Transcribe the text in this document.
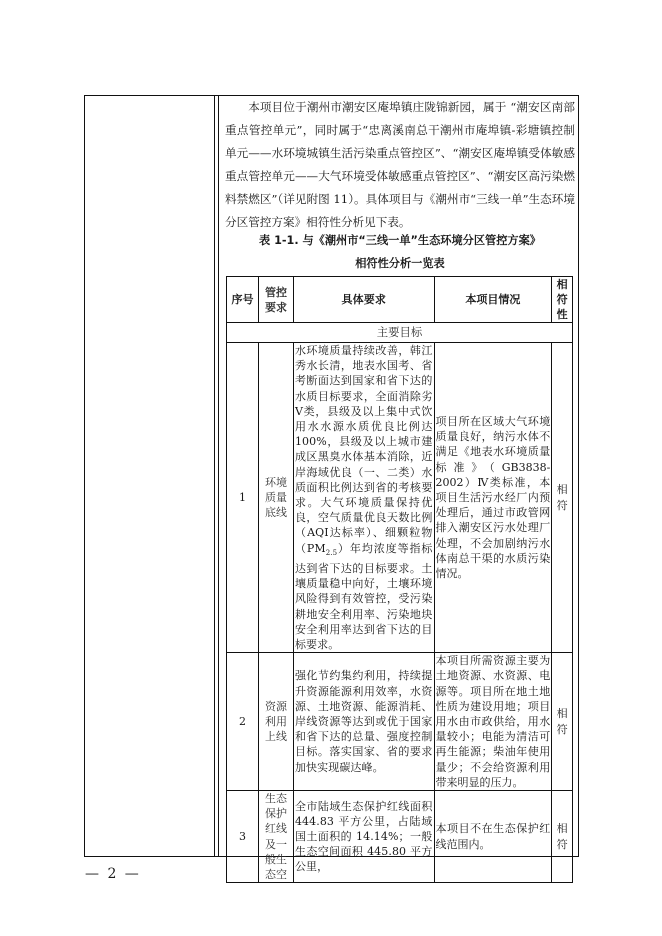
本项目位于潮州市潮安区庵埠镇庄陇锦新园，属于 “潮安区南部重点管控单元”，同时属于“忠离溪南总干潮州市庵埠镇-彩塘镇控制单元——水环境城镇生活污染重点管控区”、“潮安区庵埠镇受体敏感重点管控单元——大气环境受体敏感重点管控区”、“潮安区高污染燃料禁燃区”（详见附图 11）。具体项目与《潮州市“三线一单”生态环境分区管控方案》相符性分析见下表。

表 1-1. 与《潮州市“三线一单”生态环境分区管控方案》
相符性分析一览表
序号	管控要求	具体要求	本项目情况	相符性
主要目标				
1	环境质量底线	水环境质量持续改善，韩江秀水长清，地表水国考、省考断面达到国家和省下达的水质目标要求，全面消除劣Ⅴ类，县级及以上集中式饮用水水源水质优良比例达100%，县级及以上城市建成区黑臭水体基本消除，近岸海域优良（一、二类）水质面积比例达到省的考核要求。大气环境质量保持优良，空气质量优良天数比例（AQI达标率）、细颗粒物$(PM_{2.5})$年均浓度等指标达到省下达的目标要求。土壤质量稳中向好，土壤环境风险得到有效管控，受污染耕地安全利用率、污染地块安全利用率达到省下达的目标要求。	项目所在区域大气环境质量良好，纳污水体不满足《地表水环境质量标准》（GB3838-2002）Ⅳ类标准，本项目生活污水经厂内预处理后，通过市政管网排入潮安区污水处理厂处理，不会加剧纳污水体南总干渠的水质污染情况。	相符
2	资源利用上线	强化节约集约利用，持续提升资源能源利用效率，水资源、土地资源、能源消耗、岸线资源等达到或优于国家和省下达的总量、强度控制目标。落实国家、省的要求加快实现碳达峰。	本项目所需资源主要为土地资源、水资源、电源等。项目所在地土地性质为建设用地；项目用水由市政供给，用水量较小；电能为清洁可再生能源；柴油年使用量少；不会给资源利用带来明显的压力。	相符
3	生态保护红线及一般生态空	全市陆域生态保护红线面积444.83 平方公里，占陆域国土面积的 14.14%；一般生态空间面积 445.80 平方公里，	本项目不在生态保护红线范围内。	相符
— 2 —
